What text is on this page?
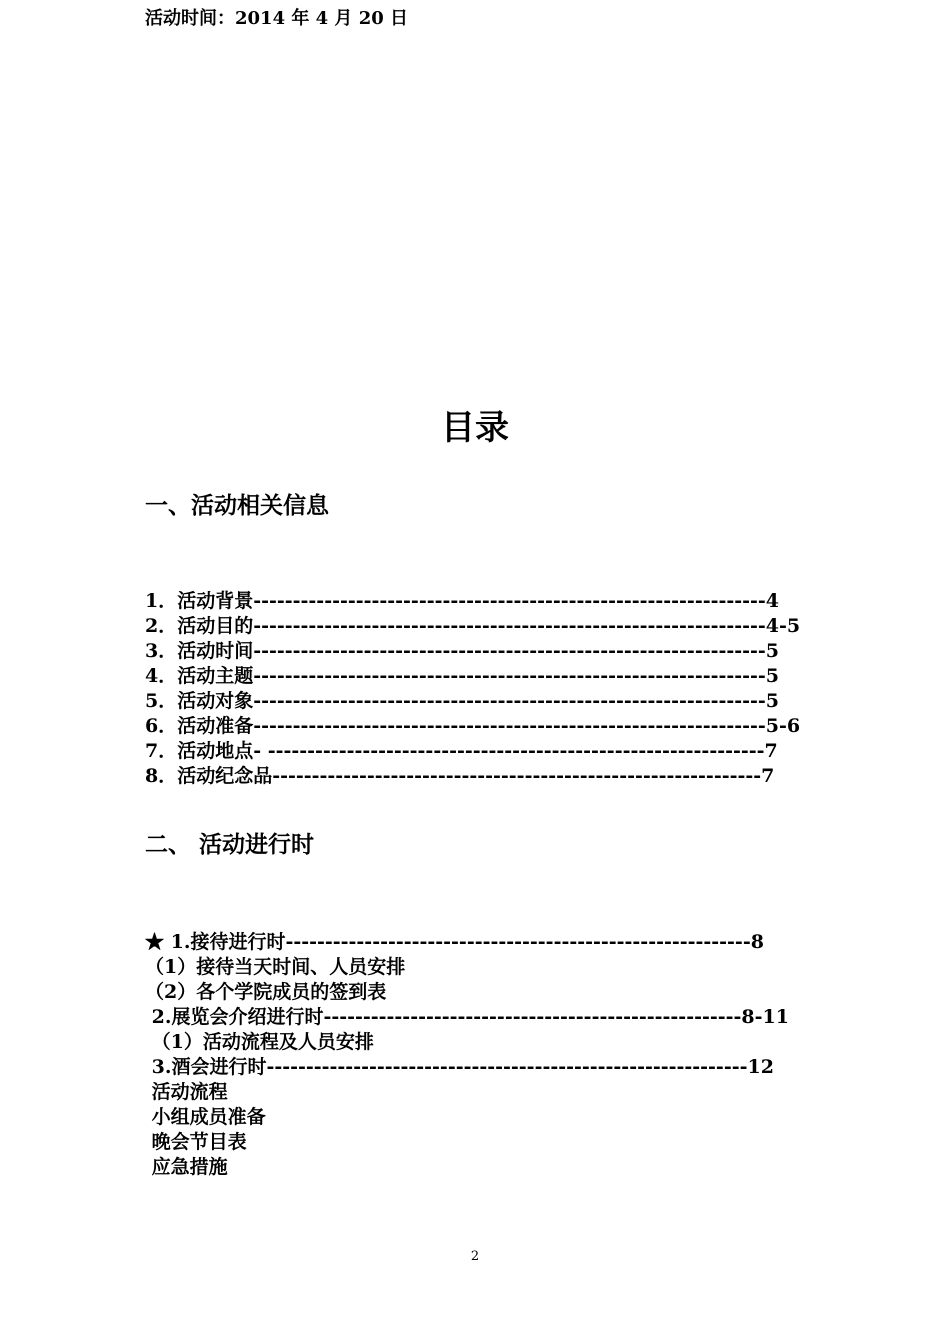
活动时间：2014 年 4 月 20 日
目录
一、活动相关信息
1．活动背景-----------------------------------------------------------------4
2．活动目的-----------------------------------------------------------------4-5
3．活动时间-----------------------------------------------------------------5
4．活动主题-----------------------------------------------------------------5
5．活动对象-----------------------------------------------------------------5
6．活动准备-----------------------------------------------------------------5-6
7．活动地点- ---------------------------------------------------------------7
8．活动纪念品--------------------------------------------------------------7
二、 活动进行时
★ 1.接待进行时-----------------------------------------------------------8
（1）接待当天时间、人员安排
（2）各个学院成员的签到表
2.展览会介绍进行时-----------------------------------------------------8-11
（1）活动流程及人员安排
3.酒会进行时-------------------------------------------------------------12
活动流程
小组成员准备
晚会节目表
应急措施
2
